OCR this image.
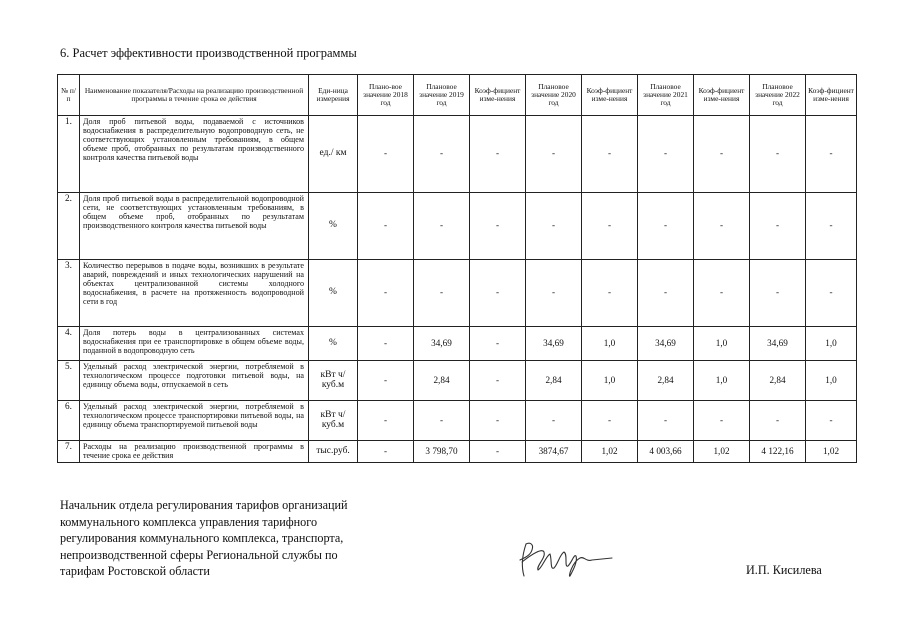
6. Расчет эффективности производственной программы
№ п/п	Наименование показателя/Расходы на реализацию производственной программы в течение срока ее действия	Еди-ница измерения	Плано-вое значение 2018 год	Плановое значение 2019 год	Коэф-фициент изме-нения	Плановое значение 2020 год	Коэф-фициент изме-нения	Плановое значение 2021 год	Коэф-фициент изме-нения	Плановое значение 2022 год	Коэф-фициент изме-нения
1.	Доля проб питьевой воды, подаваемой с источников водоснабжения в распределительную водопроводную сеть, не соответствующих установленным требованиям, в общем объеме проб, отобранных по результатам производственного контроля качества питьевой воды	ед./ км	-	-	-	-	-	-	-	-	-
2.	Доля проб питьевой воды в распределительной водопроводной сети, не соответствующих установленным требованиям, в общем объеме проб, отобранных по результатам производственного контроля качества питьевой воды	%	-	-	-	-	-	-	-	-	-
3.	Количество перерывов в подаче воды, возникших в результате аварий, повреждений и иных технологических нарушений на объектах централизованной системы холодного водоснабжения, в расчете на протяженность водопроводной сети в год	%	-	-	-	-	-	-	-	-	-
4.	Доля потерь воды в централизованных системах водоснабжения при ее транспортировке в общем объеме воды, поданной в водопроводную сеть	%	-	34,69	-	34,69	1,0	34,69	1,0	34,69	1,0
5.	Удельный расход электрической энергии, потребляемой в технологическом процессе подготовки питьевой воды, на единицу объема воды, отпускаемой в сеть	кВт ч/куб.м	-	2,84	-	2,84	1,0	2,84	1,0	2,84	1,0
6.	Удельный расход электрической энергии, потребляемой в технологическом процессе транспортировки питьевой воды, на единицу объема транспортируемой питьевой воды	кВт ч/куб.м	-	-	-	-	-	-	-	-	-
7.	Расходы на реализацию производственной программы в течение срока ее действия	тыс.руб.	-	3 798,70	-	3874,67	1,02	4 003,66	1,02	4 122,16	1,02
Начальник отдела регулирования тарифов организаций
коммунального комплекса управления тарифного
регулирования коммунального комплекса, транспорта,
непроизводственной сферы Региональной службы по
тарифам Ростовской области	И.П. Кисилева
